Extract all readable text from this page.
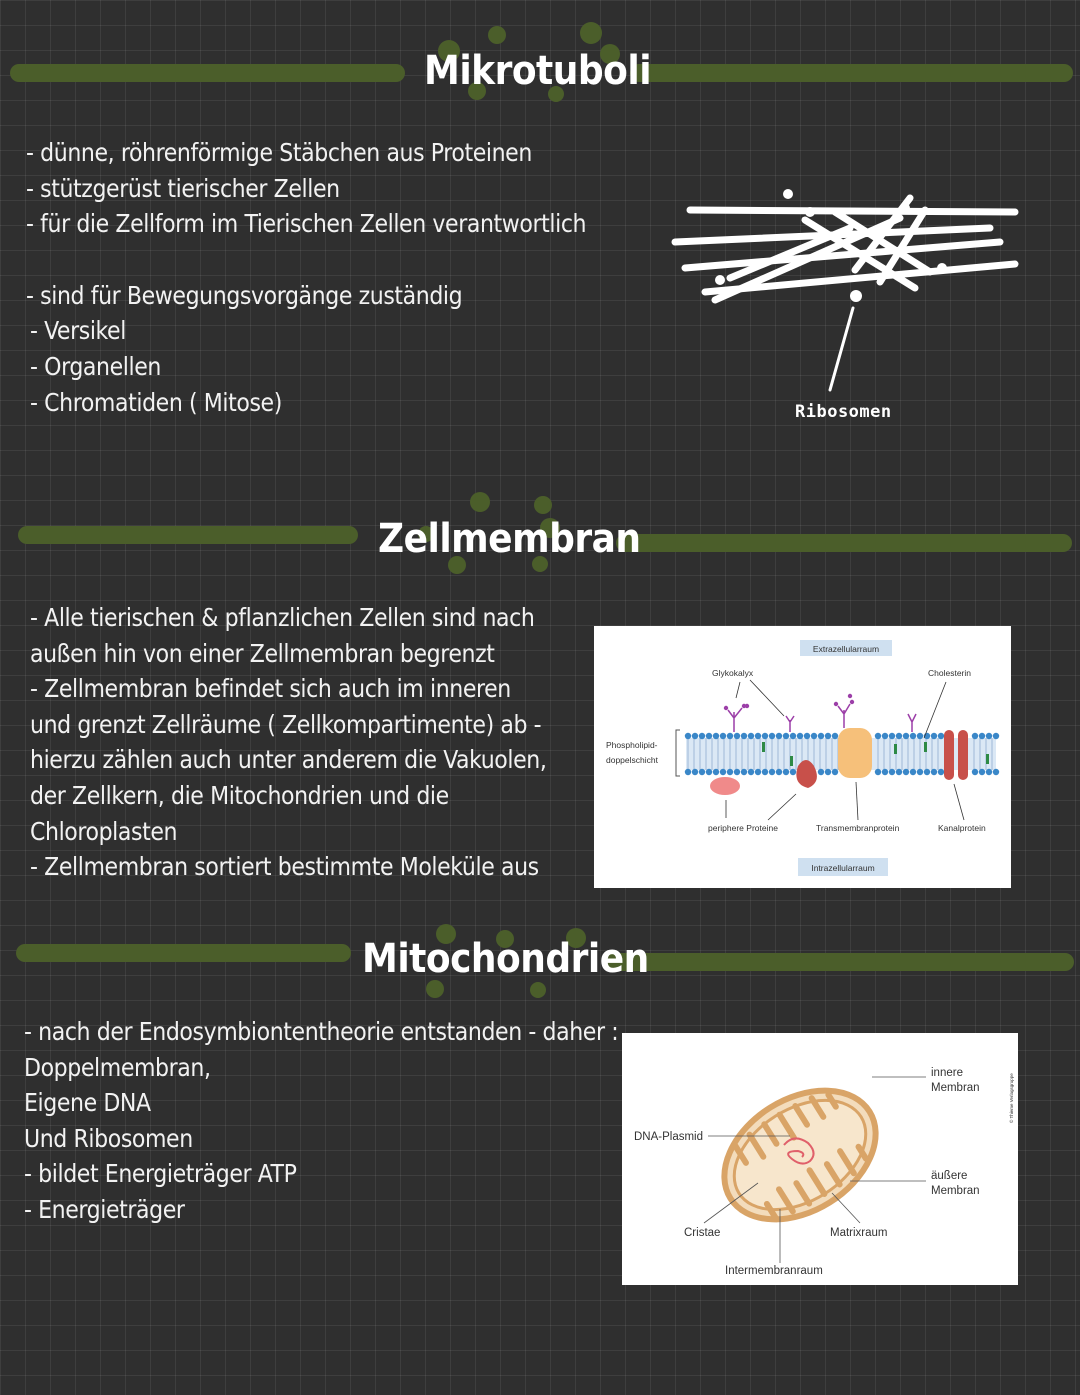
Mikrotuboli
- dünne, röhrenförmige Stäbchen aus Proteinen
- stützgerüst tierischer Zellen
- für die Zellform im Tierischen Zellen verantwortlich
- sind für Bewegungsvorgänge zuständig
- Versikel
- Organellen
- Chromatiden ( Mitose)	Ribosomen
Zellmembran
- Alle tierischen & pflanzlichen Zellen sind nach
außen hin von einer Zellmembran begrenzt
- Zellmembran befindet sich auch im inneren
und grenzt Zellräume ( Zellkompartimente) ab -
hierzu zählen auch unter anderem die Vakuolen,
der Zellkern, die Mitochondrien und die
Chloroplasten
- Zellmembran sortiert bestimmte Moleküle aus
Extrazellularraum
Intrazellularraum
Phospholipid-
doppelschicht
Glykokalyx	Cholesterin
periphere Proteine	Transmembranprotein	Kanalprotein
Mitochondrien
- nach der Endosymbiontentheorie entstanden - daher :
Doppelmembran,
Eigene DNA
Und Ribosomen
- bildet Energieträger ATP
- Energieträger
DNA-Plasmid
Cristae	Matrixraum
Intermembranraum
innere
Membran
äußere
Membran
© Thieme Verlagsgruppe
